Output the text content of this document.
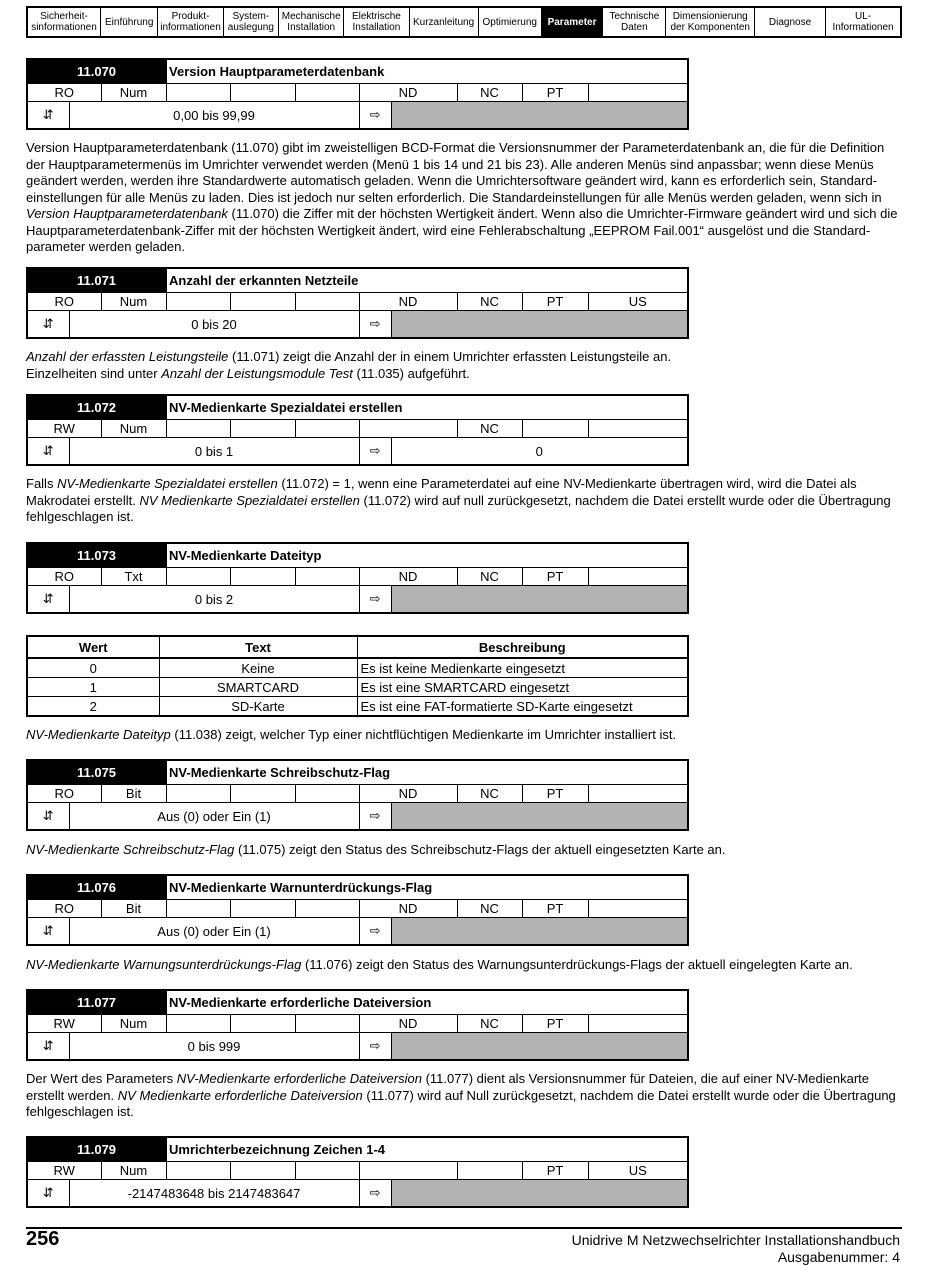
Sicherheit-
sinformationen Einführung	Produkt-
informationen
System-
auslegung
Mechanische
Installation
Elektrische
Installation	Kurzanleitung Optimierung	Parameter	Technische
Daten
Dimensionierung
der Komponenten	Diagnose	UL-
Informationen
11.070			Version Hauptparameterdatenbank							
RO		Num				ND		NC	PT	
⇵	0,00 bis 99,99					⇨				
11.071			Anzahl der erkannten Netzteile							
RO		Num				ND		NC	PT	US
⇵	0 bis 20					⇨				
11.072			NV-Medienkarte Spezialdatei erstellen							
RW		Num						NC		
⇵	0 bis 1					⇨	0			
11.073			NV-Medienkarte Dateityp							
RO		Txt				ND		NC	PT	
⇵	0 bis 2					⇨				
11.075			NV-Medienkarte Schreibschutz-Flag							
RO		Bit				ND		NC	PT	
⇵	Aus (0) oder Ein (1)					⇨				
11.076			NV-Medienkarte Warnunterdrückungs-Flag							
RO		Bit				ND		NC	PT	
⇵	Aus (0) oder Ein (1)					⇨				
11.077			NV-Medienkarte erforderliche Dateiversion							
RW		Num				ND		NC	PT	
⇵	0 bis 999					⇨				
11.079			Umrichterbezeichnung Zeichen 1-4							
RW		Num							PT	US
⇵	-2147483648 bis 2147483647					⇨				

Version Hauptparameterdatenbank (11.070) gibt im zweistelligen BCD-Format die Versionsnummer der Parameterdatenbank an, die für die Definition der Hauptparametermenüs im Umrichter verwendet werden (Menü 1 bis 14 und 21 bis 23). Alle anderen Menüs sind anpassbar; wenn diese Menüs geändert werden, werden ihre Standardwerte automatisch geladen. Wenn die Umrichtersoftware geändert wird, kann es erforderlich sein, Standard-einstellungen für alle Menüs zu laden. Dies ist jedoch nur selten erforderlich. Die Standardeinstellungen für alle Menüs werden geladen, wenn sich in Version Hauptparameterdatenbank (11.070) die Ziffer mit der höchsten Wertigkeit ändert. Wenn also die Umrichter-Firmware geändert wird und sich die Hauptparameterdatenbank-Ziffer mit der höchsten Wertigkeit ändert, wird eine Fehlerabschaltung „EEPROM Fail.001“ ausgelöst und die Standard-parameter werden geladen.

Anzahl der erfassten Leistungsteile (11.071) zeigt die Anzahl der in einem Umrichter erfassten Leistungsteile an.
Einzelheiten sind unter Anzahl der Leistungsmodule Test (11.035) aufgeführt.

Falls NV-Medienkarte Spezialdatei erstellen (11.072) = 1, wenn eine Parameterdatei auf eine NV-Medienkarte übertragen wird, wird die Datei als Makrodatei erstellt. NV Medienkarte Spezialdatei erstellen (11.072) wird auf null zurückgesetzt, nachdem die Datei erstellt wurde oder die Übertragung fehlgeschlagen ist.

Wert	Text	Beschreibung
0	Keine	Es ist keine Medienkarte eingesetzt
1	SMARTCARD	Es ist eine SMARTCARD eingesetzt
2	SD-Karte	Es ist eine FAT-formatierte SD-Karte eingesetzt

NV-Medienkarte Dateityp (11.038) zeigt, welcher Typ einer nichtflüchtigen Medienkarte im Umrichter installiert ist.

NV-Medienkarte Schreibschutz-Flag (11.075) zeigt den Status des Schreibschutz-Flags der aktuell eingesetzten Karte an.

NV-Medienkarte Warnungsunterdrückungs-Flag (11.076) zeigt den Status des Warnungsunterdrückungs-Flags der aktuell eingelegten Karte an.

Der Wert des Parameters NV-Medienkarte erforderliche Dateiversion (11.077) dient als Versionsnummer für Dateien, die auf einer NV-Medienkarte erstellt werden. NV Medienkarte erforderliche Dateiversion (11.077) wird auf Null zurückgesetzt, nachdem die Datei erstellt wurde oder die Übertragung fehlgeschlagen ist.

256	Unidrive M Netzwechselrichter Installationshandbuch
Ausgabenummer: 4
